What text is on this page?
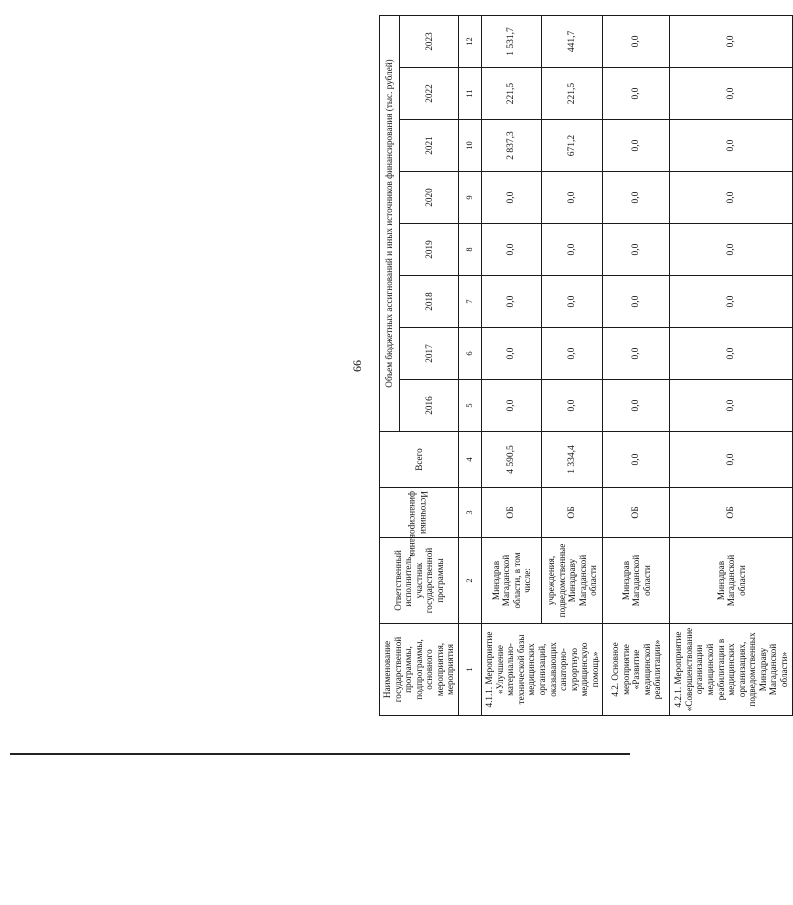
66
Наименование государственной программы, подпрограммы, основного мероприятия, мероприятия	Ответственный исполнитель, участник государственной программы	Источники финансирования	Всего	Объем бюджетных ассигнований и иных источников финансирования (тыс. рублей)							
				2016	2017	2018	2019	2020	2021	2022	2023
1	2	3	4	5	6	7	8	9	10	11	12
4.1.1. Мероприятие «Улучшение материально-технической базы медицинских организаций, оказывающих санаторно-курортную медицинскую помощь»	Минздрав Магаданской области, в том числе:	ОБ	4 590,5	0,0	0,0	0,0	0,0	0,0	2 837,3	221,5	1 531,7
	учреждения, подведомственные Минздраву Магаданской области	ОБ	1 334,4	0,0	0,0	0,0	0,0	0,0	671,2	221,5	441,7
4.2. Основное мероприятие «Развитие медицинской реабилитации»	Минздрав Магаданской области	ОБ	0,0	0,0	0,0	0,0	0,0	0,0	0,0	0,0	0,0
4.2.1. Мероприятие «Совершенствование организации медицинской реабилитации в медицинских организациях, подведомственных Минздраву Магаданской области»	Минздрав Магаданской области	ОБ	0,0	0,0	0,0	0,0	0,0	0,0	0,0	0,0	0,0
